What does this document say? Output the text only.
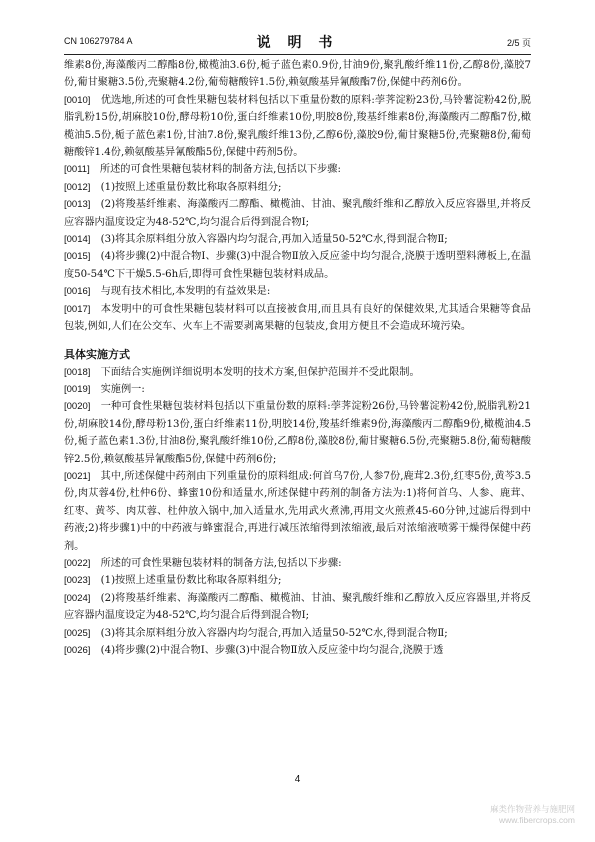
CN 106279784 A	说 明 书	2/5 页

维素8份,海藻酸丙二醇酯8份,橄榄油3.6份,栀子蓝色素0.9份,甘油9份,聚乳酸纤维11份,乙醇8份,藻胶7份,葡甘聚糖3.5份,壳聚糖4.2份,葡萄糖酸锌1.5份,赖氨酸基异氰酸酯7份,保健中药剂6份。

[0010]  优选地,所述的可食性果糖包装材料包括以下重量份数的原料:荸荠淀粉23份,马铃薯淀粉42份,脱脂乳粉15份,胡麻胶10份,酵母粉10份,蛋白纤维素10份,明胶8份,羧基纤维素8份,海藻酸丙二醇酯7份,橄榄油5.5份,栀子蓝色素1份,甘油7.8份,聚乳酸纤维13份,乙醇6份,藻胶9份,葡甘聚糖5份,壳聚糖8份,葡萄糖酸锌1.4份,赖氨酸基异氰酸酯5份,保健中药剂5份。

[0011]  所述的可食性果糖包装材料的制备方法,包括以下步骤:

[0012]  (1)按照上述重量份数比称取各原料组分;

[0013]  (2)将羧基纤维素、海藻酸丙二醇酯、橄榄油、甘油、聚乳酸纤维和乙醇放入反应容器里,并将反应容器内温度设定为48-52℃,均匀混合后得到混合物Ⅰ;

[0014]  (3)将其余原料组分放入容器内均匀混合,再加入适量50-52℃水,得到混合物Ⅱ;

[0015]  (4)将步骤(2)中混合物Ⅰ、步骤(3)中混合物Ⅱ放入反应釜中均匀混合,浇膜于透明塑料薄板上,在温度50-54℃下干燥5.5-6h后,即得可食性果糖包装材料成品。

[0016]  与现有技术相比,本发明的有益效果是:

[0017]  本发明中的可食性果糖包装材料可以直接被食用,而且具有良好的保健效果,尤其适合果糖等食品包装,例如,人们在公交车、火车上不需要剥离果糖的包装皮,食用方便且不会造成环境污染。

具体实施方式

[0018]  下面结合实施例详细说明本发明的技术方案,但保护范围并不受此限制。

[0019]  实施例一:

[0020]  一种可食性果糖包装材料包括以下重量份数的原料:荸荠淀粉26份,马铃薯淀粉42份,脱脂乳粉21份,胡麻胶14份,酵母粉13份,蛋白纤维素11份,明胶14份,羧基纤维素9份,海藻酸丙二醇酯9份,橄榄油4.5份,栀子蓝色素1.3份,甘油8份,聚乳酸纤维10份,乙醇8份,藻胶8份,葡甘聚糖6.5份,壳聚糖5.8份,葡萄糖酸锌2.5份,赖氨酸基异氰酸酯5份,保健中药剂6份;

[0021]  其中,所述保健中药剂由下列重量份的原料组成:何首乌7份,人参7份,鹿茸2.3份,红枣5份,黄芩3.5份,肉苁蓉4份,杜仲6份、蜂蜜10份和适量水,所述保健中药剂的制备方法为:1)将何首乌、人参、鹿茸、红枣、黄芩、肉苁蓉、杜仲放入锅中,加入适量水,先用武火煮沸,再用文火煎煮45-60分钟,过滤后得到中药液;2)将步骤1)中的中药液与蜂蜜混合,再进行减压浓缩得到浓缩液,最后对浓缩液喷雾干燥得保健中药剂。

[0022]  所述的可食性果糖包装材料的制备方法,包括以下步骤:

[0023]  (1)按照上述重量份数比称取各原料组分;

[0024]  (2)将羧基纤维素、海藻酸丙二醇酯、橄榄油、甘油、聚乳酸纤维和乙醇放入反应容器里,并将反应容器内温度设定为48-52℃,均匀混合后得到混合物Ⅰ;

[0025]  (3)将其余原料组分放入容器内均匀混合,再加入适量50-52℃水,得到混合物Ⅱ;

[0026]  (4)将步骤(2)中混合物Ⅰ、步骤(3)中混合物Ⅱ放入反应釜中均匀混合,浇膜于透

4
麻类作物营养与施肥网
www.fibercrops.com
